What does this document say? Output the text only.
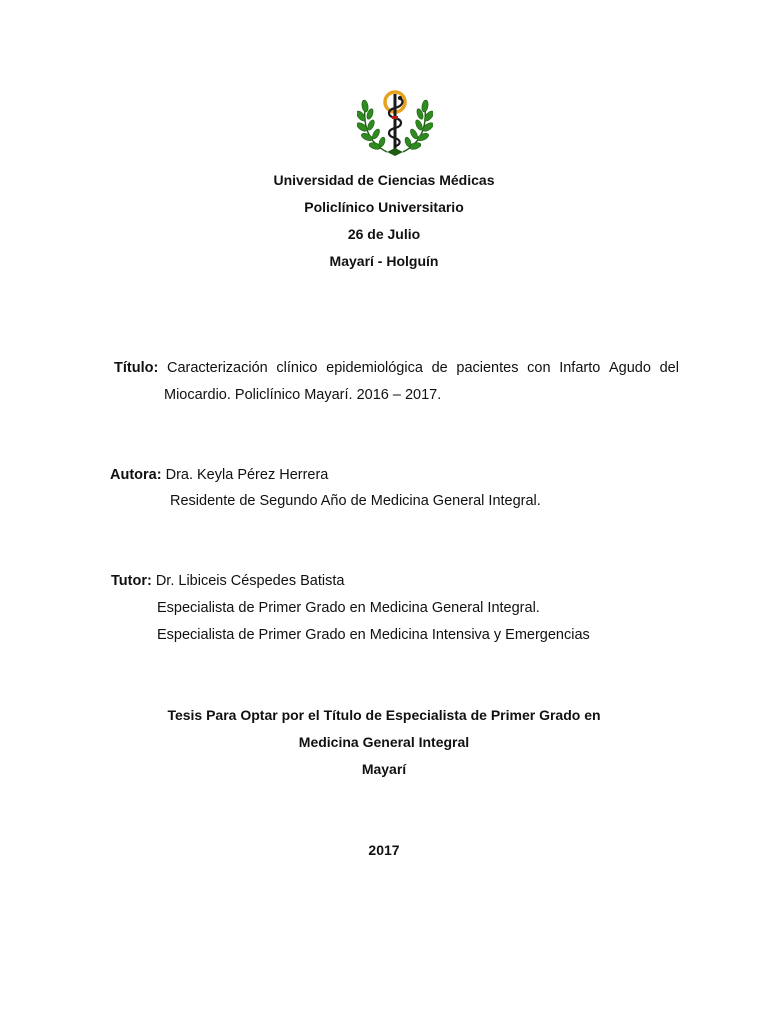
Universidad de Ciencias Médicas
Policlínico Universitario
26 de Julio
Mayarí - Holguín
Título: Caracterización clínico epidemiológica de pacientes con Infarto Agudo del
Miocardio. Policlínico Mayarí. 2016 – 2017.
Autora: Dra. Keyla Pérez Herrera
Residente de Segundo Año de Medicina General Integral.
Tutor: Dr. Libiceis Céspedes Batista
Especialista de Primer Grado en Medicina General Integral.
Especialista de Primer Grado en Medicina Intensiva y Emergencias
Tesis Para Optar por el Título de Especialista de Primer Grado en
Medicina General Integral
Mayarí
2017
